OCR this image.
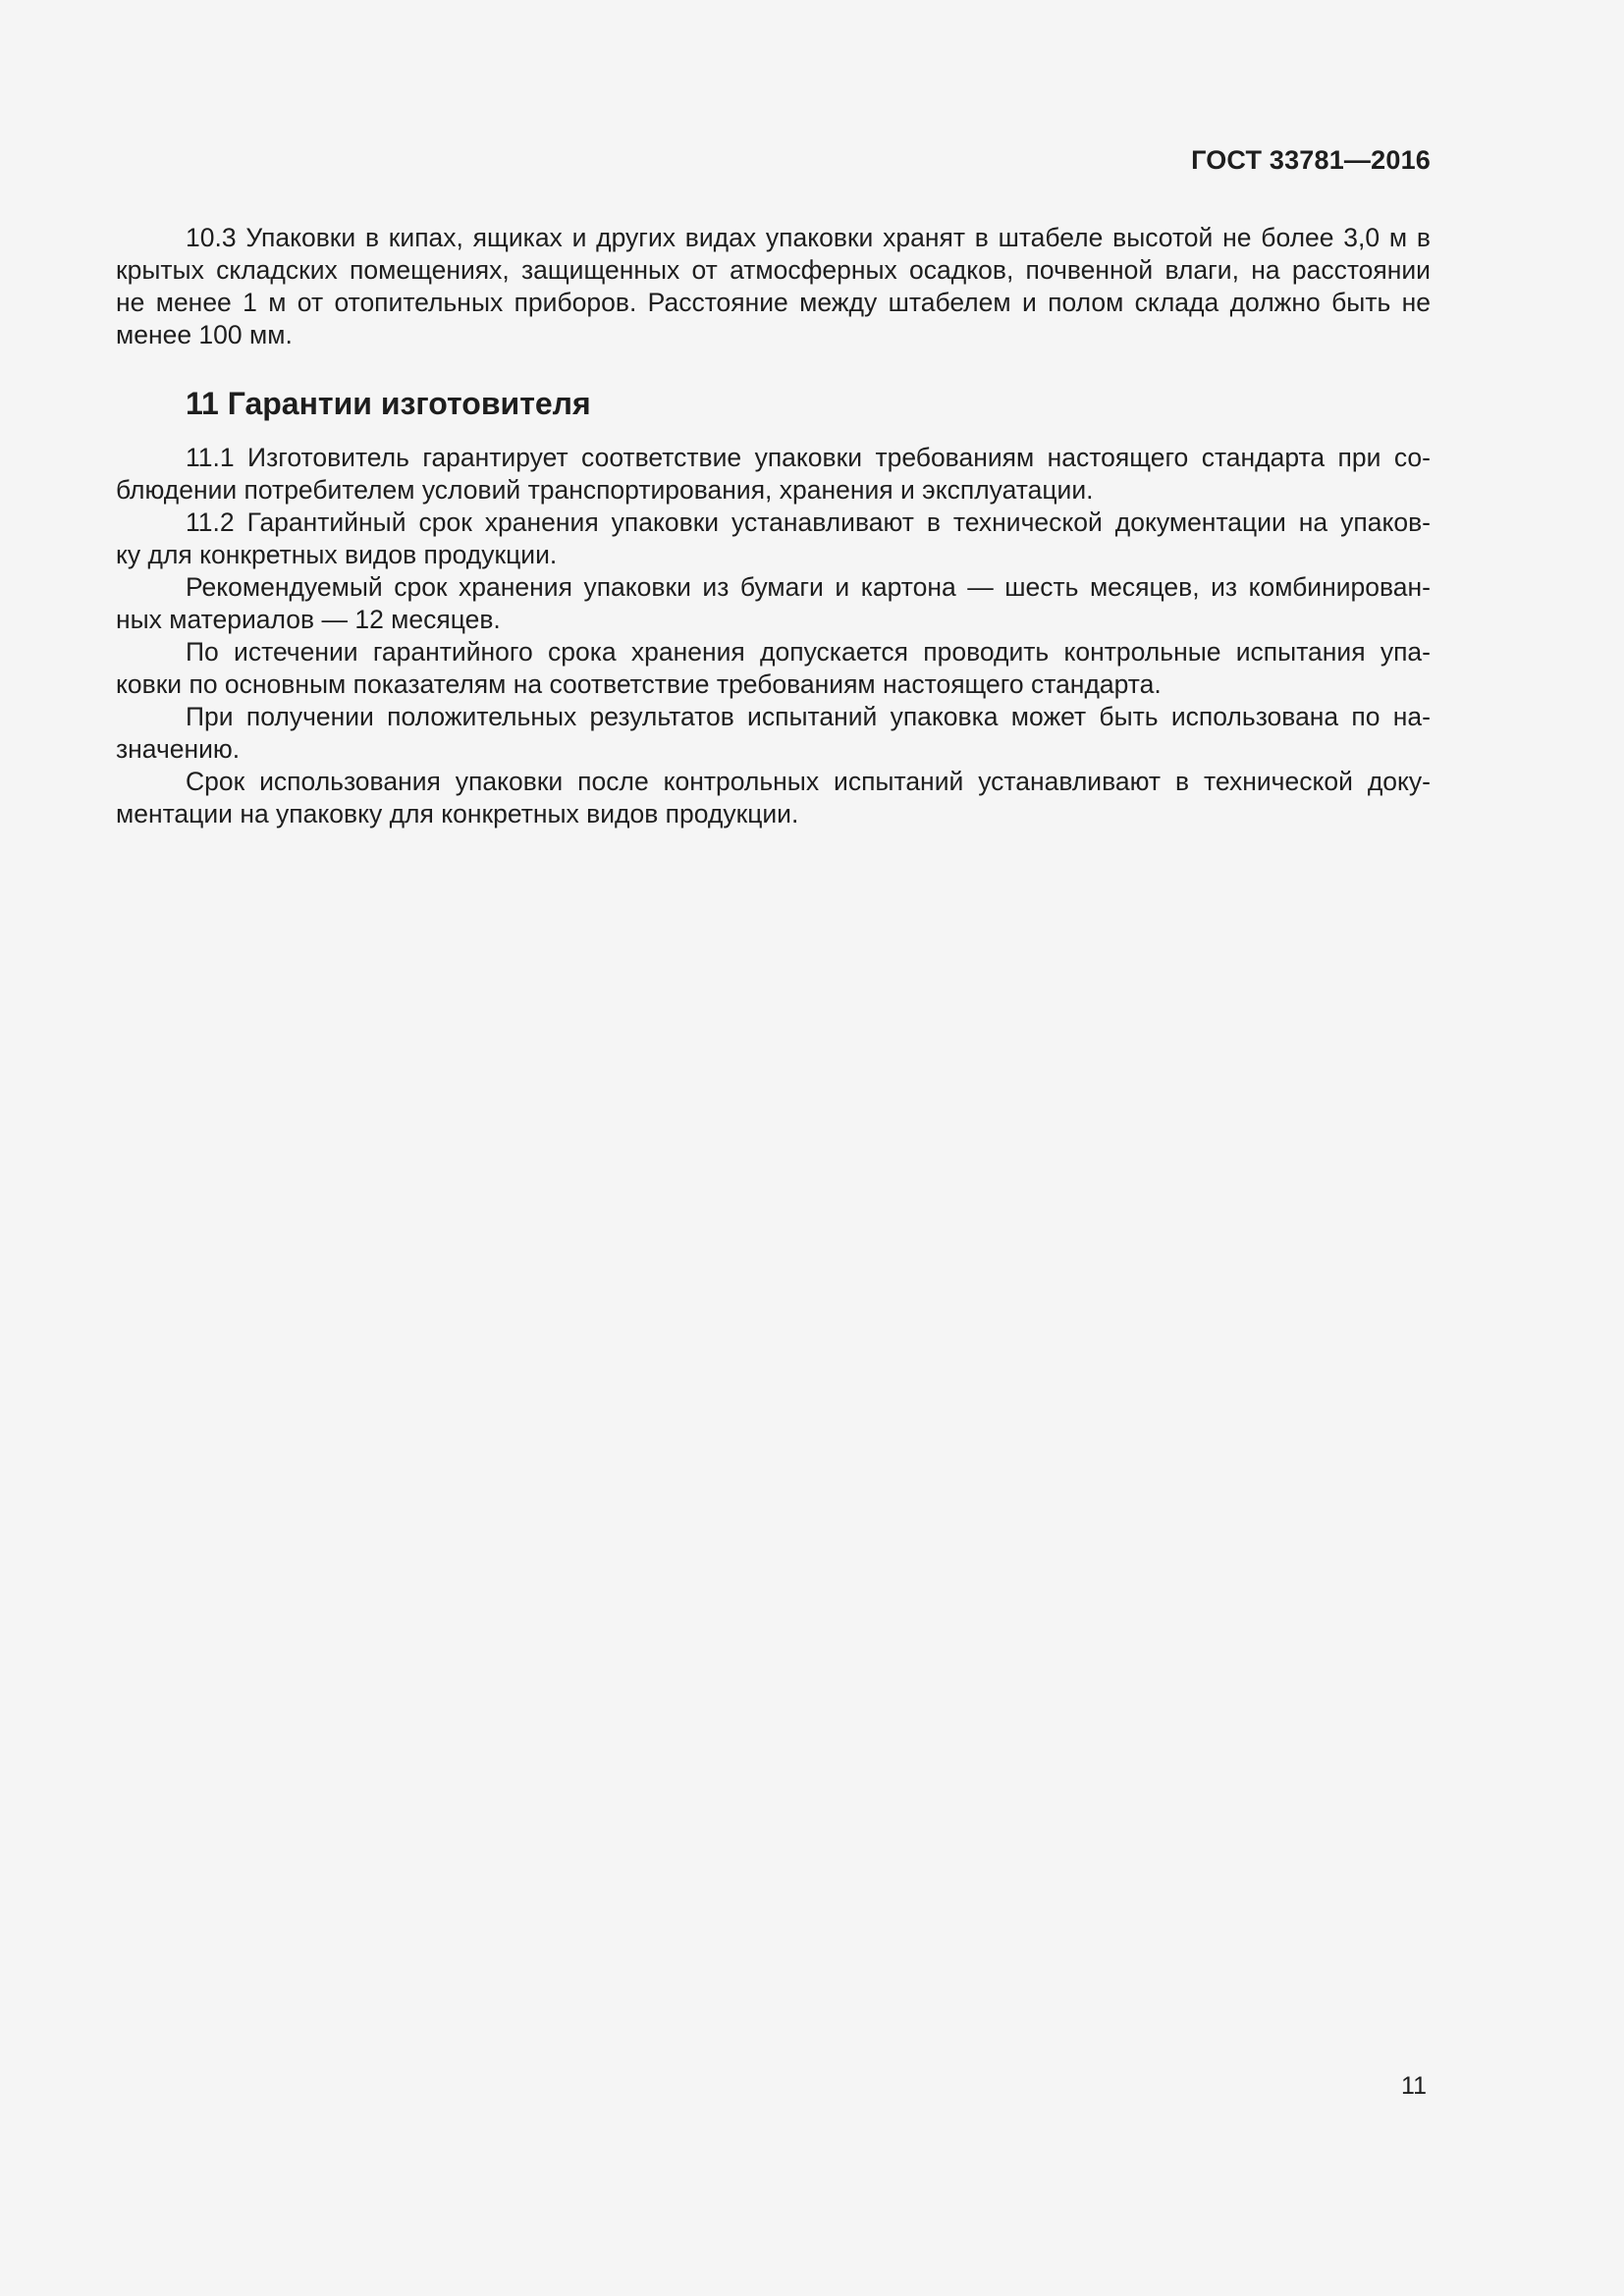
ГОСТ 33781—2016

10.3 Упаковки в кипах, ящиках и других видах упаковки хранят в штабеле высотой не более 3,0 м в
крытых складских помещениях, защищенных от атмосферных осадков, почвенной влаги, на расстоянии
не менее 1 м от отопительных приборов. Расстояние между штабелем и полом склада должно быть не
менее 100 мм.

11 Гарантии изготовителя

11.1 Изготовитель гарантирует соответствие упаковки требованиям настоящего стандарта при со-
блюдении потребителем условий транспортирования, хранения и эксплуатации.

11.2 Гарантийный срок хранения упаковки устанавливают в технической документации на упаков-
ку для конкретных видов продукции.

Рекомендуемый срок хранения упаковки из бумаги и картона — шесть месяцев, из комбинирован-
ных материалов — 12 месяцев.

По истечении гарантийного срока хранения допускается проводить контрольные испытания упа-
ковки по основным показателям на соответствие требованиям настоящего стандарта.

При получении положительных результатов испытаний упаковка может быть использована по на-
значению.

Срок использования упаковки после контрольных испытаний устанавливают в технической доку-
ментации на упаковку для конкретных видов продукции.

11
